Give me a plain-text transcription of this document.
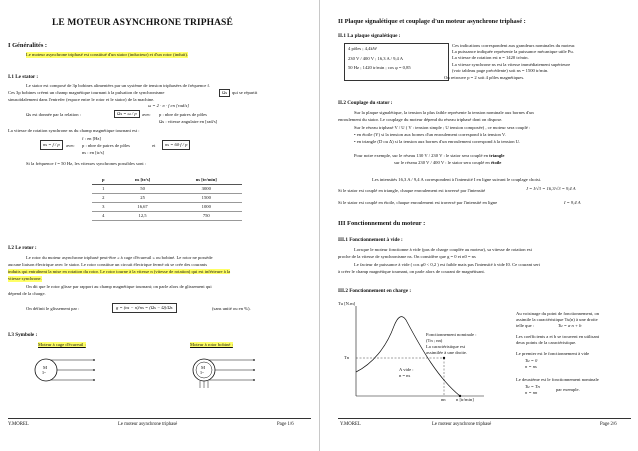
LE MOTEUR ASYNCHRONE TRIPHASÉ
I Généralités :
Le moteur asynchrone triphasé est constitué d'un stator (inducteur) et d'un rotor (induit).
I.1 Le stator :
Le stator est composé de 3p bobines alimentées par un système de tension triphasées de fréquence f.
Ces 3p bobines créent un champ magnétique tournant à la pulsation de synchronisme	Ωs	qui se répartit
sinusoïdalement dans l'entrefer (espace entre le rotor et le stator) de la machine.
ω = 2 · π · f en [rad/s]
Ωs est donnée par la relation :	Ωs = ω / p	avec p : nbre de paires de pôles
Ωs : vitesse angulaire en [rad/s]
La vitesse de rotation synchrone ns du champ magnétique tournant est :
ns = f / p	avec
f : en [Hz]
p : nbre de paires de pôles
ns : en [tr/s]
et	ns = 60·f / p
Si la fréquence f = 50 Hz, les vitesses synchrones possibles sont :
p	ns [tr/s]	ns [tr/min]
1	50	3000
2	25	1500
3	16,67	1000
4	12,5	750
I.2 Le rotor :
Le rotor du moteur asynchrone triphasé peut-être « à cage d'écureuil » ou bobiné. Le rotor ne possède
aucune liaison électrique avec le stator. Le rotor constitue un circuit électrique fermé où se crée des courants
induits qui entraînent la mise en rotation du rotor. Le rotor tourne à la vitesse n (vitesse de rotation) qui est inférieure à la
vitesse synchrone.
On dit que le rotor glisse par rapport au champ magnétique tournant; on parle alors de glissement qui
dépend de la charge.
On définit le glissement par :	g = (ns − n)/ns = (Ωs − Ω)/Ωs	(sans unité ou en %).
I.3 Symbole :
Moteur à cage d'écureuil :	Moteur à rotor bobiné :
M
3~
M
3~
Y.MOREL	Le moteur asynchrone triphasé	Page 1/6
II Plaque signalétique et couplage d'un moteur asynchrone triphasé :
II.1 La plaque signalétique :
4 pôles ; 4,4kW
230 V / 400 V ; 16,3 A / 9,4 A
50 Hz ; 1420 tr/min ; cos φ = 0,85
Ces indications correspondent aux grandeurs nominales du moteur.
La puissance indiquée représente la puissance mécanique utile Pu.
La vitesse de rotation est n = 1420 tr/min.
La vitesse synchrone ns est la vitesse immédiatement supérieure
(voir tableau page précédente) soit ns = 1500 tr/min.
On retrouve p = 2 soit 4 pôles magnétiques.
II.2 Couplage du stator :
Sur la plaque signalétique, la tension la plus faible représente la tension nominale aux bornes d'un
enroulement du stator. Le couplage du moteur dépend du réseau triphasé dont on dispose.
Sur le réseau triphasé V / U ( V : tension simple ; U tension composée) , ce moteur sera couplé :
• en étoile (Y) si la tension aux bornes d'un enroulement correspond à la tension V.
• en triangle (D ou Δ) si la tension aux bornes d'un enroulement correspond à la tension U.
Pour notre exemple, sur le réseau 130 V / 230 V : le stator sera couplé en triangle
sur le réseau 230 V / 400 V : le stator sera couplé en étoile
Les intensités 16,3 A / 9,4 A correspondent à l'intensité I en ligne suivant le couplage choisi.
Si le stator est couplé en triangle, chaque enroulement est traversé par l'intensité	J = I/√3 = 16,3/√3 = 9,4 A
Si le stator est couplé en étoile, chaque enroulement est traversé par l'intensité en ligne	I = 9,4 A
III Fonctionnement du moteur :
III.1 Fonctionnement à vide :
Lorsque le moteur fonctionne à vide (pas de charge couplée au moteur), sa vitesse de rotation est
proche de la vitesse de synchronisme ns. On considère que g = 0 et n0 = ns
Le facteur de puissance à vide ( cos φ0 < 0,2 ) est faible mais pas l'intensité à vide I0. Ce courant sert
à créer le champ magnétique tournant, on parle alors de courant de magnétisant.
III.2 Fonctionnement en charge :
Tu [N.m]
Tn
nn n [tr/min]
Fonctionnement nominale :
(Tn ; nn)
La caractéristique est
assimilée à une droite.
A vide :
n = ns
Au voisinage du point de fonctionnement, on
assimile la caractéristique Tu(n) à une droite
telle que :	Tu = a·n + b
Les coefficients a et b se trouvent en utilisant
deux points de la caractéristique.
Le premier est le fonctionnement à vide
Tu = 0
n = ns
Le deuxième est le fonctionnement nominale
Tu = Tn
n = nn
par exemple.
Y.MOREL	Le moteur asynchrone triphasé	Page 2/6
